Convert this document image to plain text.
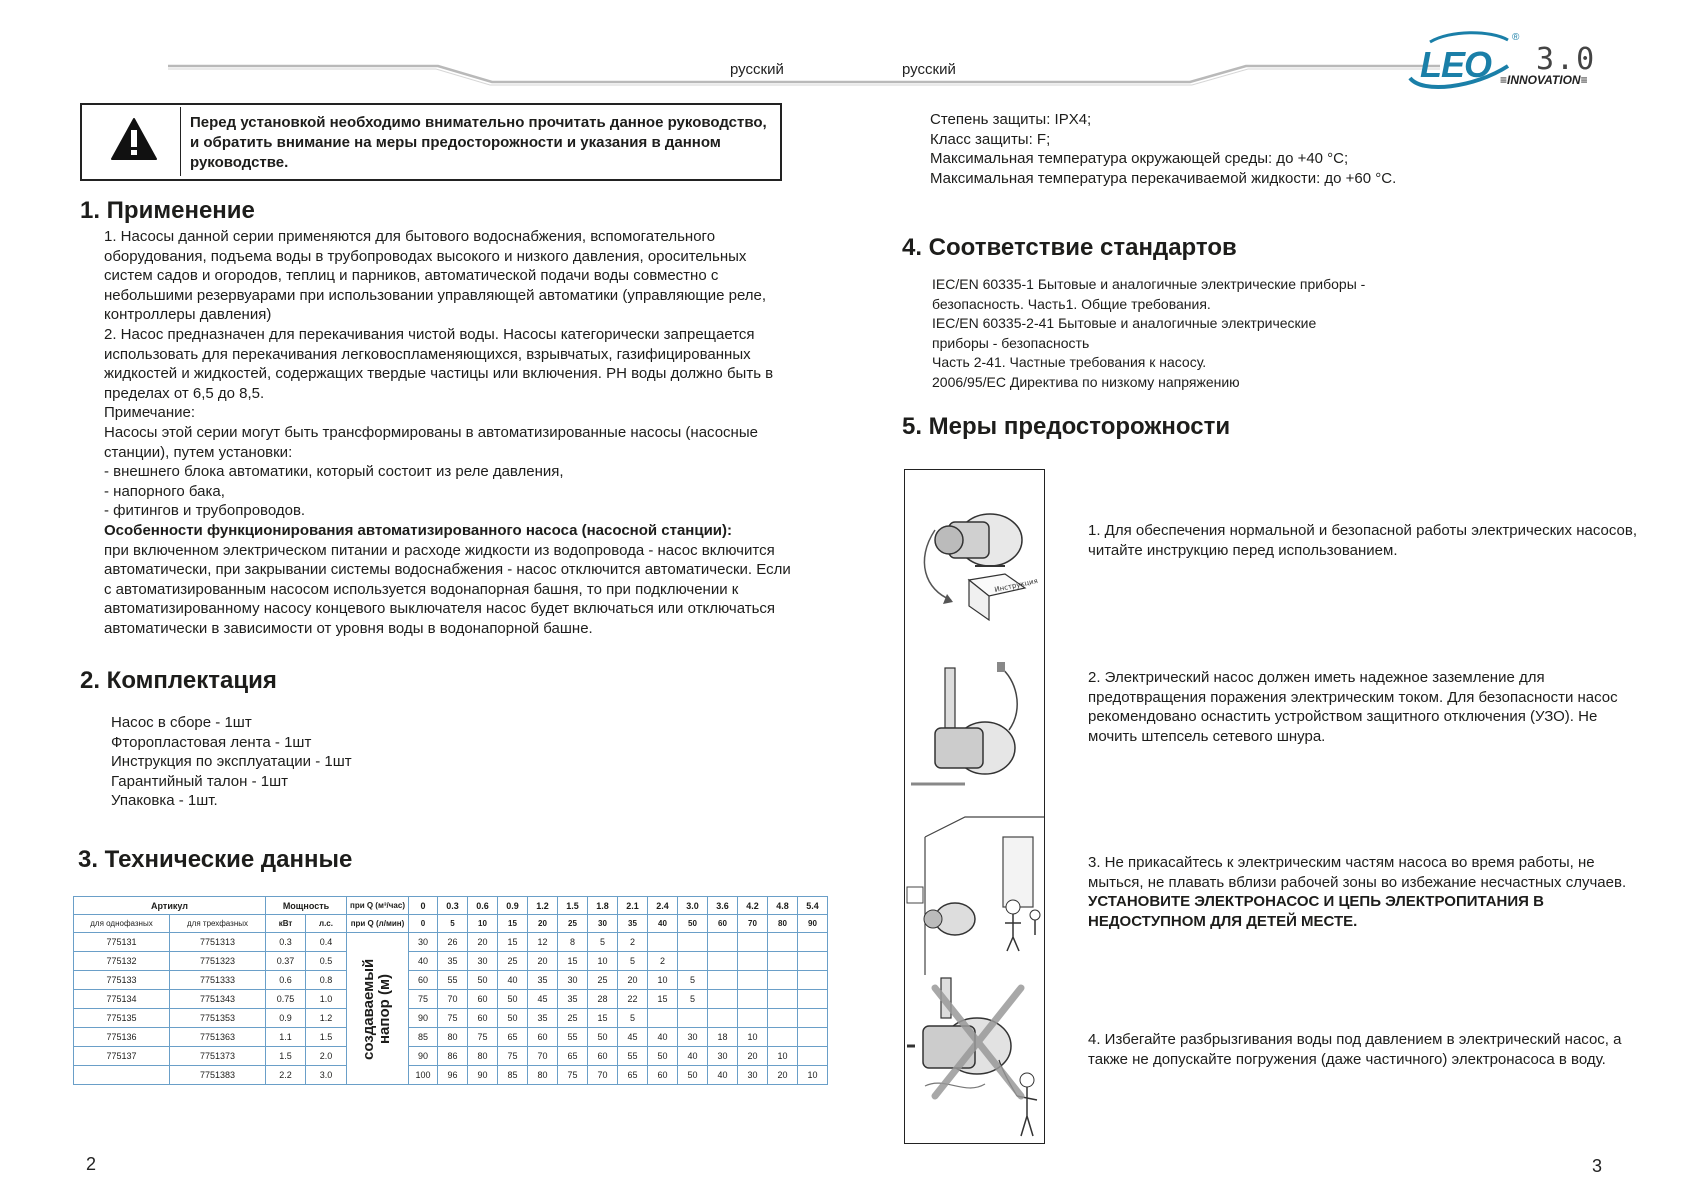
русский	русский	LEO
®
3.0
≡INNOVATION≡
Перед установкой необходимо внимательно прочитать данное руководство, и обратить внимание на меры предосторожности и указания в данном руководстве.
1. Применение

1. Насосы данной серии применяются для бытового водоснабжения, вспомогательного оборудования, подъема воды в трубопроводах высокого и низкого давления, оросительных систем садов и огородов, теплиц и парников, автоматической подачи воды совместно с небольшими резервуарами при использовании управляющей автоматики (управляющие реле, контроллеры давления)

2. Насос предназначен для перекачивания чистой воды. Насосы категорически запрещается использовать для перекачивания легковоспламеняющихся, взрывчатых, газифицированных жидкостей и жидкостей, содержащих твердые частицы или включения. PH воды должно быть в пределах от 6,5 до 8,5.

Примечание:

Насосы этой серии могут быть трансформированы в автоматизированные насосы (насосные станции), путем установки:

- внешнего блока автоматики, который состоит из реле давления,

- напорного бака,

- фитингов и трубопроводов.

Особенности функционирования автоматизированного насоса (насосной станции):

при включенном электрическом питании и расходе жидкости из водопровода - насос включится автоматически, при закрывании системы водоснабжения - насос отключится автоматически. Если с автоматизированным насосом используется водонапорная башня, то при подключении к автоматизированному насосу концевого выключателя насос будет включаться или отключаться автоматически в зависимости от уровня воды в водонапорной башне.

2. Комплектация

Насос в сборе - 1шт

Фторопластовая лента - 1шт

Инструкция по эксплуатации - 1шт

Гарантийный талон - 1шт

Упаковка - 1шт.

3. Технические данные
Артикул		Мощность		при Q (м³/час)	0	0.3	0.6	0.9	1.2	1.5	1.8	2.1	2.4	3.0	3.6	4.2	4.8	5.4
для однофазных	для трехфазных	кВт	л.с.	при Q (л/мин)	0	5	10	15	20	25	30	35	40	50	60	70	80	90
775131	7751313	0.3	0.4	создаваемый напор (м)	30	26	20	15	12	8	5	2						
775132	7751323	0.37	0.5		40	35	30	25	20	15	10	5	2					
775133	7751333	0.6	0.8		60	55	50	40	35	30	25	20	10	5				
775134	7751343	0.75	1.0		75	70	60	50	45	35	28	22	15	5				
775135	7751353	0.9	1.2		90	75	60	50	35	25	15	5						
775136	7751363	1.1	1.5		85	80	75	65	60	55	50	45	40	30	18	10		
775137	7751373	1.5	2.0		90	86	80	75	70	65	60	55	50	40	30	20	10	
	7751383	2.2	3.0		100	96	90	85	80	75	70	65	60	50	40	30	20	10

Степень защиты: IPX4;

Класс защиты: F;

Максимальная температура окружающей среды: до +40 °C;

Максимальная температура перекачиваемой жидкости: до +60 °C.

4. Соответствие стандартов

IEC/EN 60335-1 Бытовые и аналогичные электрические приборы -

безопасность. Часть1. Общие требования.

IEC/EN 60335-2-41 Бытовые и аналогичные электрические

приборы - безопасность

Часть 2-41. Частные требования к насосу.

2006/95/EC Директива по низкому напряжению

5. Меры предосторожности
Инструкция

1. Для обеспечения нормальной и безопасной работы электрических насосов, читайте инструкцию перед использованием.

2. Электрический насос должен иметь надежное заземление для предотвращения поражения электрическим током. Для безопасности насос рекомендовано оснастить устройством защитного отключения (УЗО). Не мочить штепсель сетевого шнура.

3. Не прикасайтесь к электрическим частям насоса во время работы, не мыться, не плавать вблизи рабочей зоны во избежание несчастных случаев.

УСТАНОВИТЕ ЭЛЕКТРОНАСОС И ЦЕПЬ ЭЛЕКТРОПИТАНИЯ В НЕДОСТУПНОМ ДЛЯ ДЕТЕЙ МЕСТЕ.

4. Избегайте разбрызгивания воды под давлением в электрический насос, а также не допускайте погружения (даже частичного) электронасоса в воду.

2	3
